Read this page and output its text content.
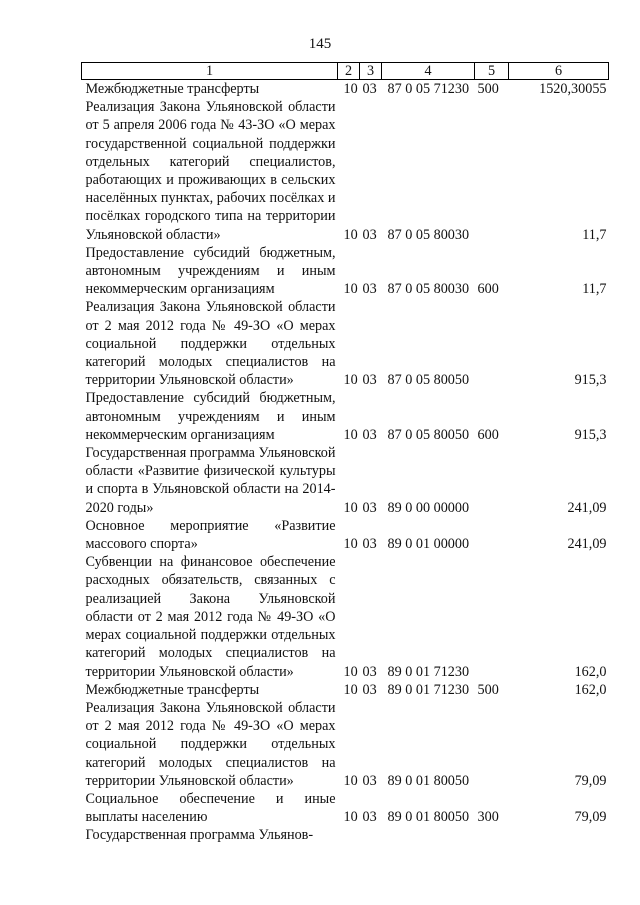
145
1	2	3	4	5	6
Межбюджетные трансферты	10	03	87 0 05 71230	500	1520,30055
Реализация Закона Ульяновской области от 5 апреля 2006 года № 43-ЗО «О мерах государственной социальной поддержки отдельных категорий специалистов, работающих и проживающих в сельских населённых пунктах, рабочих посёлках и посёлках городского типа на территории Ульяновской области»	10	03	87 0 05 80030		11,7
Предоставление субсидий бюджетным, автономным учреждениям и иным некоммерческим организациям	10	03	87 0 05 80030	600	11,7
Реализация Закона Ульяновской области от 2 мая 2012 года № 49-ЗО «О мерах социальной поддержки отдельных категорий молодых специалистов на территории Ульяновской области»	10	03	87 0 05 80050		915,3
Предоставление субсидий бюджетным, автономным учреждениям и иным некоммерческим организациям	10	03	87 0 05 80050	600	915,3
Государственная программа Ульяновской области «Развитие физической культуры и спорта в Ульяновской области на 2014-2020 годы»	10	03	89 0 00 00000		241,09
Основное мероприятие «Развитие массового спорта»	10	03	89 0 01 00000		241,09
Субвенции на финансовое обеспечение расходных обязательств, связанных с реализацией Закона Ульяновской области от 2 мая 2012 года № 49-ЗО «О мерах социальной поддержки отдельных категорий молодых специалистов на территории Ульяновской области»	10	03	89 0 01 71230		162,0
Межбюджетные трансферты	10	03	89 0 01 71230	500	162,0
Реализация Закона Ульяновской области от 2 мая 2012 года № 49-ЗО «О мерах социальной поддержки отдельных категорий молодых специалистов на территории Ульяновской области»	10	03	89 0 01 80050		79,09
Социальное обеспечение и иные выплаты населению	10	03	89 0 01 80050	300	79,09
Государственная программа Ульянов-					
